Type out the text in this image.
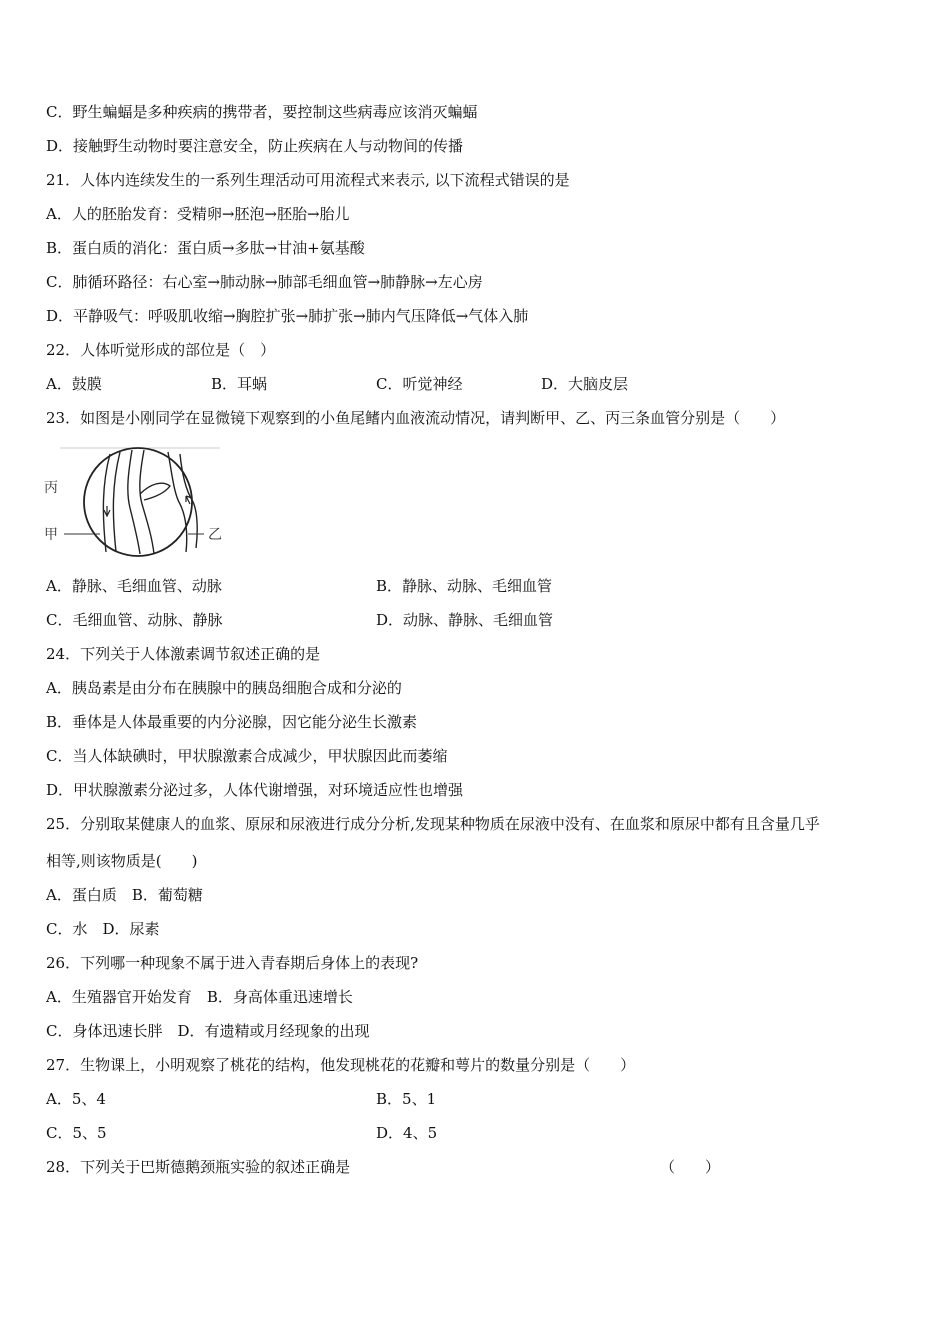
C．野生蝙蝠是多种疾病的携带者，要控制这些病毒应该消灭蝙蝠
D．接触野生动物时要注意安全，防止疾病在人与动物间的传播
21．人体内连续发生的一系列生理活动可用流程式来表示, 以下流程式错误的是
A．人的胚胎发育：受精卵→胚泡→胚胎→胎儿
B．蛋白质的消化：蛋白质→多肽→甘油+氨基酸
C．肺循环路径：右心室→肺动脉→肺部毛细血管→肺静脉→左心房
D．平静吸气：呼吸肌收缩→胸腔扩张→肺扩张→肺内气压降低→气体入肺
22．人体听觉形成的部位是（　）
A．鼓膜	B．耳蜗	C．听觉神经	D．大脑皮层
23．如图是小刚同学在显微镜下观察到的小鱼尾鳍内血液流动情况，请判断甲、乙、丙三条血管分别是（　　）
丙
甲	乙
A．静脉、毛细血管、动脉	B．静脉、动脉、毛细血管
C．毛细血管、动脉、静脉	D．动脉、静脉、毛细血管
24．下列关于人体激素调节叙述正确的是
A．胰岛素是由分布在胰腺中的胰岛细胞合成和分泌的
B．垂体是人体最重要的内分泌腺，因它能分泌生长激素
C．当人体缺碘时，甲状腺激素合成减少，甲状腺因此而萎缩
D．甲状腺激素分泌过多，人体代谢增强，对环境适应性也增强
25．分别取某健康人的血浆、原尿和尿液进行成分分析,发现某种物质在尿液中没有、在血浆和原尿中都有且含量几乎
相等,则该物质是(　　)
A．蛋白质　B．葡萄糖
C．水　D．尿素
26．下列哪一种现象不属于进入青春期后身体上的表现?
A．生殖器官开始发育　B．身高体重迅速增长
C．身体迅速长胖　D．有遗精或月经现象的出现
27．生物课上，小明观察了桃花的结构，他发现桃花的花瓣和萼片的数量分别是（　　）
A．5、4	B．5、1
C．5、5	D．4、5
28．下列关于巴斯德鹅颈瓶实验的叙述正确是	（　　）
